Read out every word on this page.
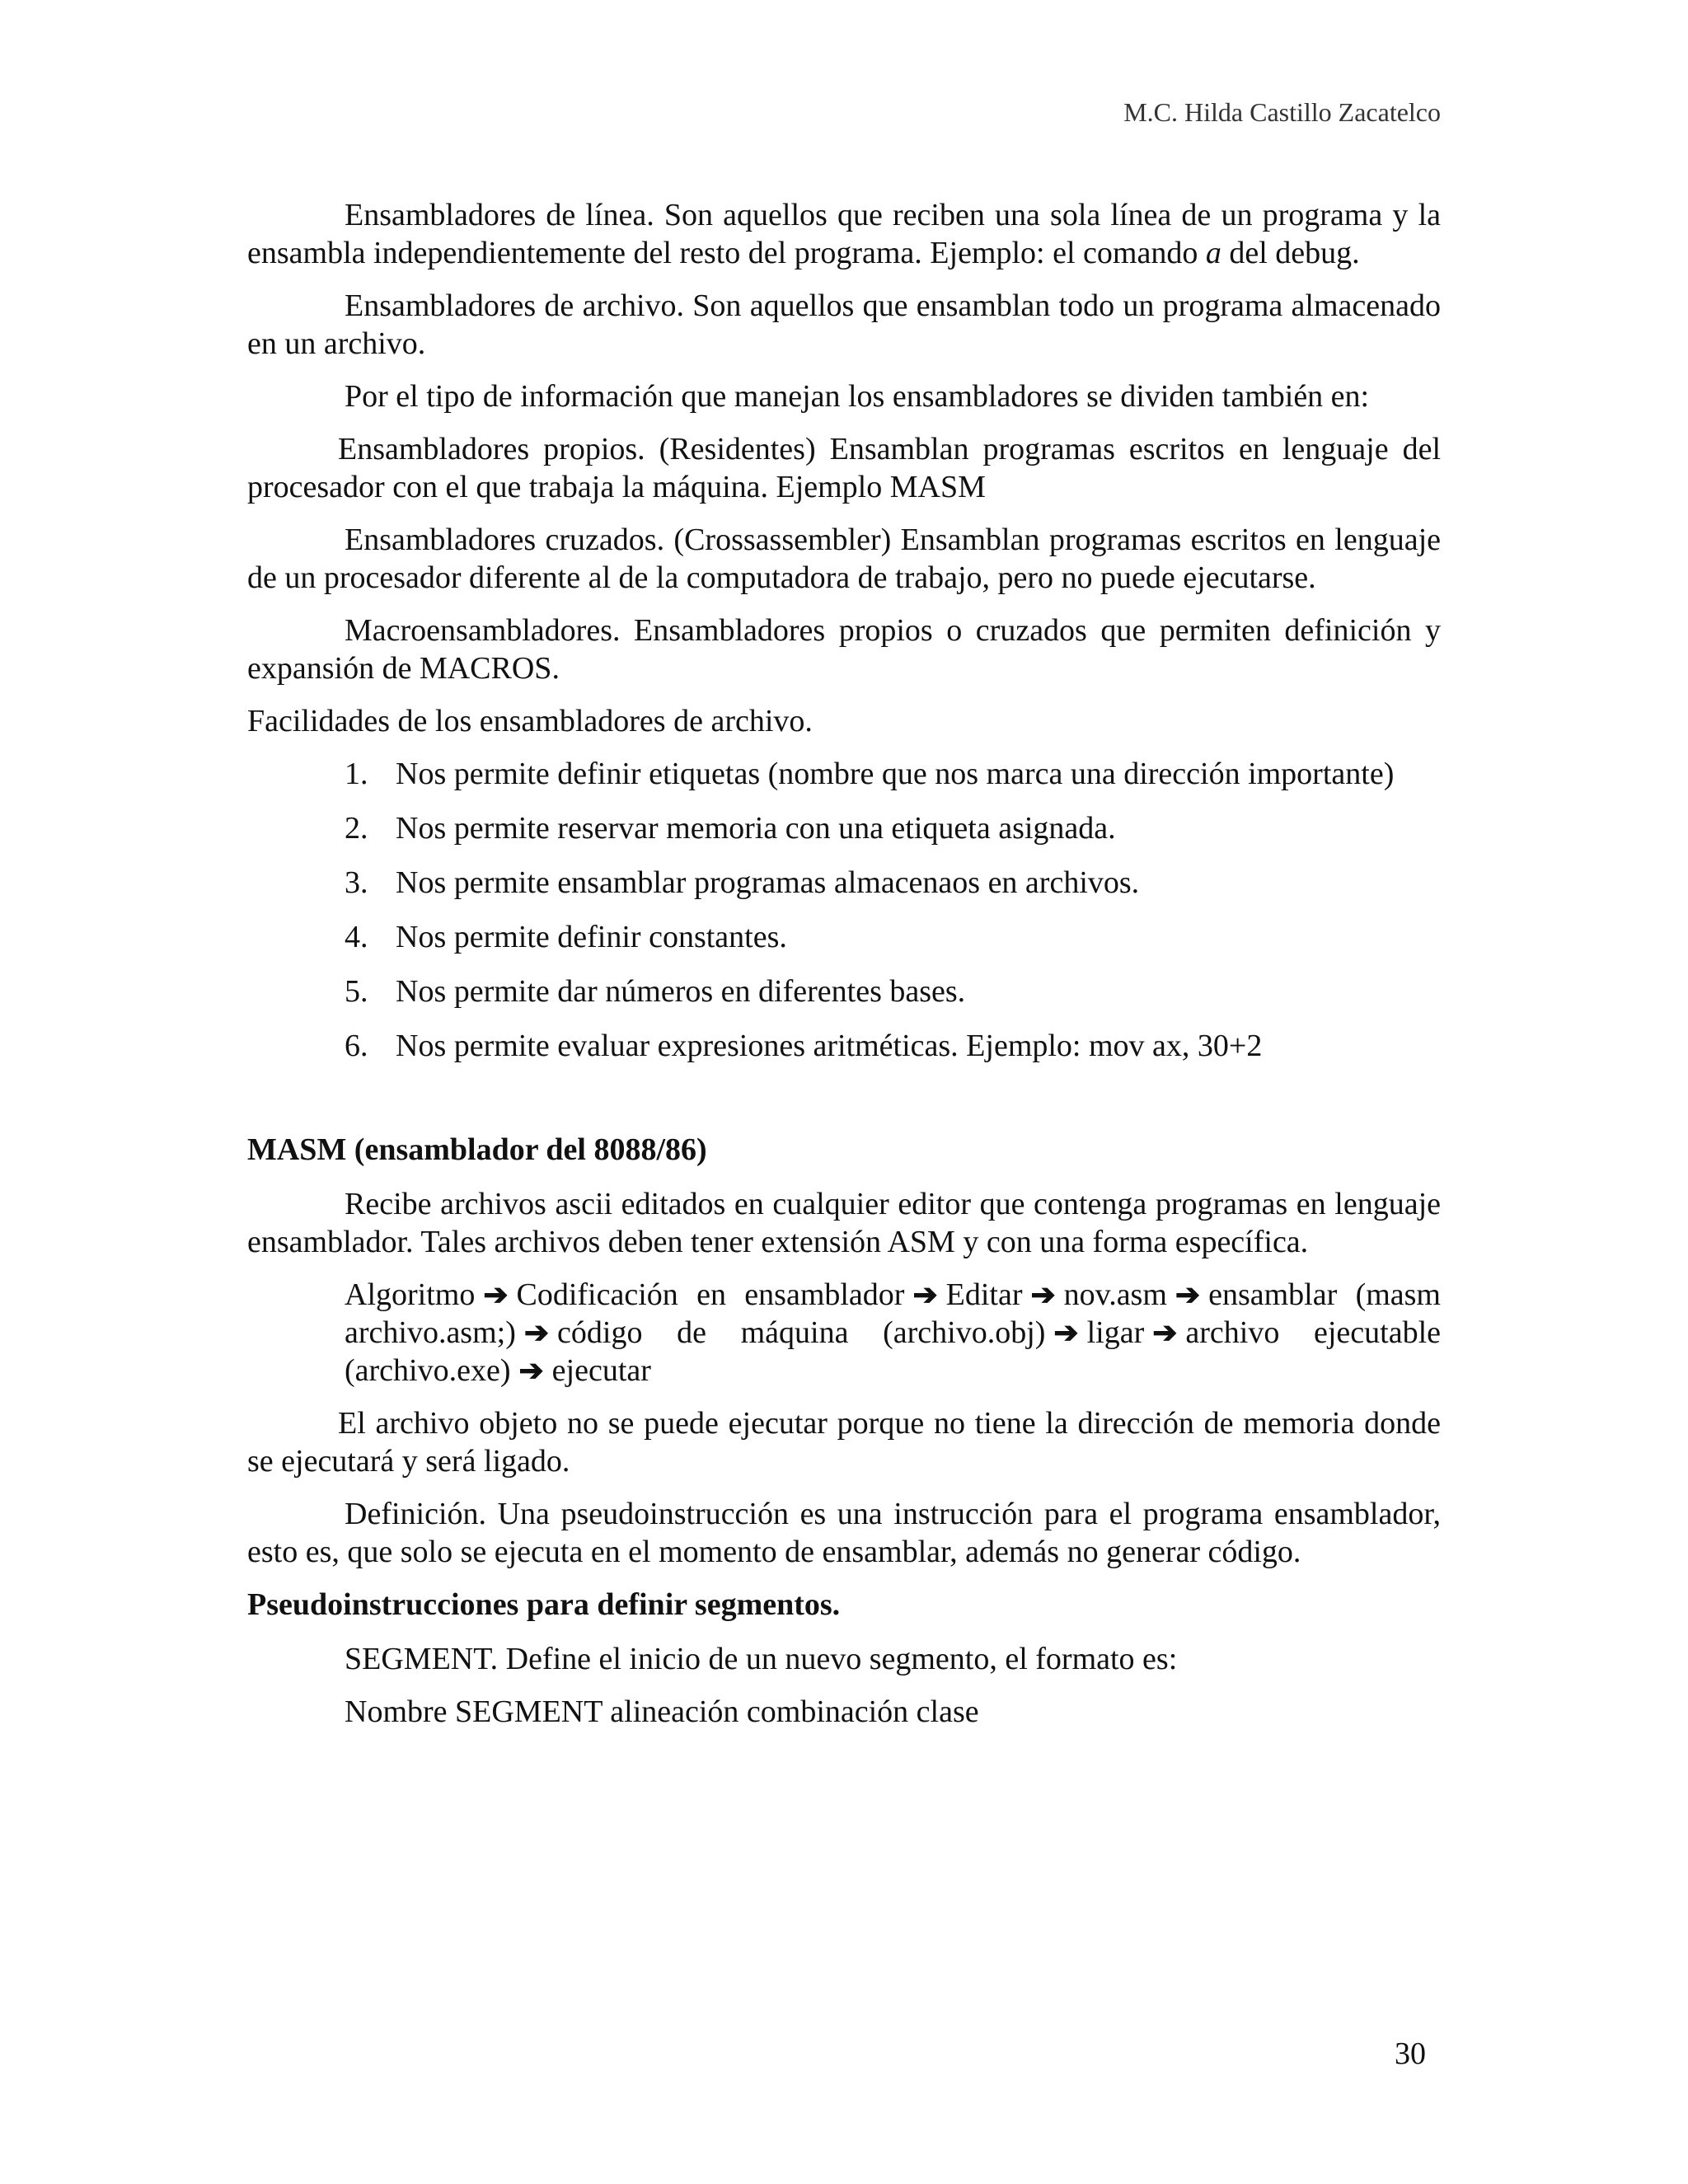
M.C. Hilda Castillo Zacatelco

Ensambladores de línea. Son aquellos que reciben una sola línea de un programa y la ensambla independientemente del resto del programa. Ejemplo: el comando a del debug.

Ensambladores de archivo. Son aquellos que ensamblan todo un programa almacenado en un archivo.

Por el tipo de información que manejan los ensambladores se dividen también en:

Ensambladores propios. (Residentes) Ensamblan programas escritos en lenguaje del procesador con el que trabaja la máquina. Ejemplo MASM

Ensambladores cruzados. (Crossassembler) Ensamblan programas escritos en lenguaje de un procesador diferente al de la computadora de trabajo, pero no puede ejecutarse.

Macroensambladores. Ensambladores propios o cruzados que permiten definición y expansión de MACROS.

Facilidades de los ensambladores de archivo.

1. Nos permite definir etiquetas (nombre que nos marca una dirección importante)
2. Nos permite reservar memoria con una etiqueta asignada.
3. Nos permite ensamblar programas almacenaos en archivos.
4. Nos permite definir constantes.
5. Nos permite dar números en diferentes bases.
6. Nos permite evaluar expresiones aritméticas. Ejemplo: mov ax, 30+2

MASM (ensamblador del 8088/86)

Recibe archivos ascii editados en cualquier editor que contenga programas en lenguaje ensamblador. Tales archivos deben tener extensión ASM y con una forma específica.

Algoritmo ➔ Codificación en ensamblador ➔ Editar ➔ nov.asm ➔ ensamblar (masm archivo.asm;) ➔ código de máquina (archivo.obj) ➔ ligar ➔ archivo ejecutable (archivo.exe) ➔ ejecutar

El archivo objeto no se puede ejecutar porque no tiene la dirección de memoria donde se ejecutará y será ligado.

Definición. Una pseudoinstrucción es una instrucción para el programa ensamblador, esto es, que solo se ejecuta en el momento de ensamblar, además no generar código.

Pseudoinstrucciones para definir segmentos.

SEGMENT. Define el inicio de un nuevo segmento, el formato es:

Nombre SEGMENT alineación combinación clase

30
